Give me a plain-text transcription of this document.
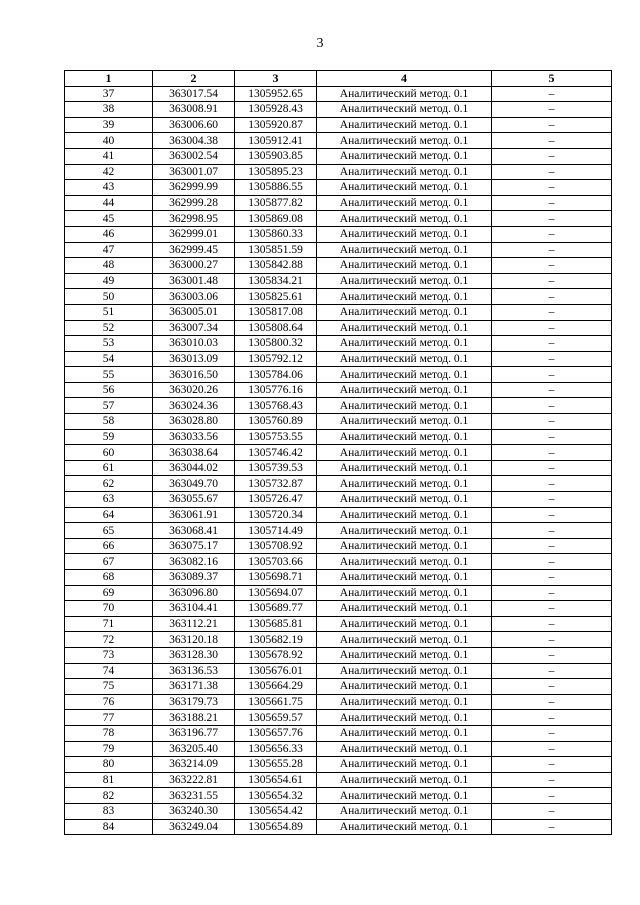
3
1	2	3	4	5
37	363017.54	1305952.65	Аналитический метод. 0.1	–
38	363008.91	1305928.43	Аналитический метод. 0.1	–
39	363006.60	1305920.87	Аналитический метод. 0.1	–
40	363004.38	1305912.41	Аналитический метод. 0.1	–
41	363002.54	1305903.85	Аналитический метод. 0.1	–
42	363001.07	1305895.23	Аналитический метод. 0.1	–
43	362999.99	1305886.55	Аналитический метод. 0.1	–
44	362999.28	1305877.82	Аналитический метод. 0.1	–
45	362998.95	1305869.08	Аналитический метод. 0.1	–
46	362999.01	1305860.33	Аналитический метод. 0.1	–
47	362999.45	1305851.59	Аналитический метод. 0.1	–
48	363000.27	1305842.88	Аналитический метод. 0.1	–
49	363001.48	1305834.21	Аналитический метод. 0.1	–
50	363003.06	1305825.61	Аналитический метод. 0.1	–
51	363005.01	1305817.08	Аналитический метод. 0.1	–
52	363007.34	1305808.64	Аналитический метод. 0.1	–
53	363010.03	1305800.32	Аналитический метод. 0.1	–
54	363013.09	1305792.12	Аналитический метод. 0.1	–
55	363016.50	1305784.06	Аналитический метод. 0.1	–
56	363020.26	1305776.16	Аналитический метод. 0.1	–
57	363024.36	1305768.43	Аналитический метод. 0.1	–
58	363028.80	1305760.89	Аналитический метод. 0.1	–
59	363033.56	1305753.55	Аналитический метод. 0.1	–
60	363038.64	1305746.42	Аналитический метод. 0.1	–
61	363044.02	1305739.53	Аналитический метод. 0.1	–
62	363049.70	1305732.87	Аналитический метод. 0.1	–
63	363055.67	1305726.47	Аналитический метод. 0.1	–
64	363061.91	1305720.34	Аналитический метод. 0.1	–
65	363068.41	1305714.49	Аналитический метод. 0.1	–
66	363075.17	1305708.92	Аналитический метод. 0.1	–
67	363082.16	1305703.66	Аналитический метод. 0.1	–
68	363089.37	1305698.71	Аналитический метод. 0.1	–
69	363096.80	1305694.07	Аналитический метод. 0.1	–
70	363104.41	1305689.77	Аналитический метод. 0.1	–
71	363112.21	1305685.81	Аналитический метод. 0.1	–
72	363120.18	1305682.19	Аналитический метод. 0.1	–
73	363128.30	1305678.92	Аналитический метод. 0.1	–
74	363136.53	1305676.01	Аналитический метод. 0.1	–
75	363171.38	1305664.29	Аналитический метод. 0.1	–
76	363179.73	1305661.75	Аналитический метод. 0.1	–
77	363188.21	1305659.57	Аналитический метод. 0.1	–
78	363196.77	1305657.76	Аналитический метод. 0.1	–
79	363205.40	1305656.33	Аналитический метод. 0.1	–
80	363214.09	1305655.28	Аналитический метод. 0.1	–
81	363222.81	1305654.61	Аналитический метод. 0.1	–
82	363231.55	1305654.32	Аналитический метод. 0.1	–
83	363240.30	1305654.42	Аналитический метод. 0.1	–
84	363249.04	1305654.89	Аналитический метод. 0.1	–
